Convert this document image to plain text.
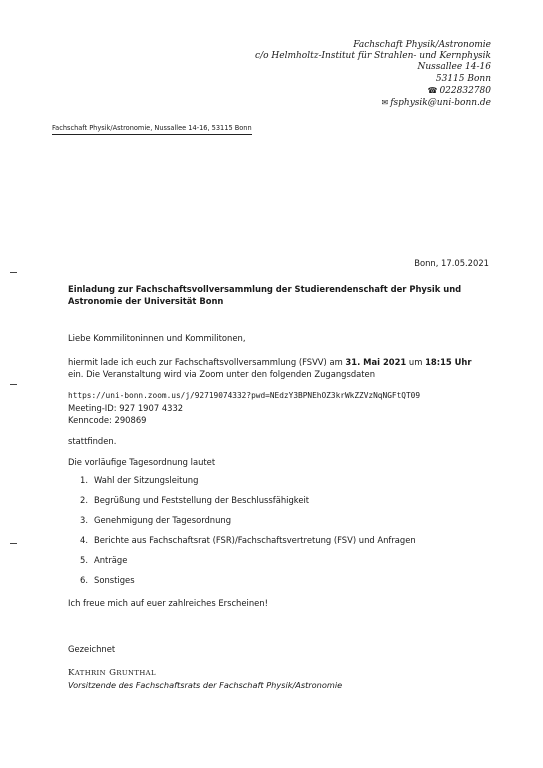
Fachschaft Physik/Astronomie
c/o Helmholtz-Institut für Strahlen- und Kernphysik
Nussallee 14-16
53115 Bonn
☎ 022832780
✉ fsphysik@uni-bonn.de
Fachschaft Physik/Astronomie, Nussallee 14-16, 53115 Bonn
Bonn, 17.05.2021
Einladung zur Fachschaftsvollversammlung der Studierendenschaft der Physik und Astronomie der Universität Bonn
Liebe Kommilitoninnen und Kommilitonen,
hiermit lade ich euch zur Fachschaftsvollversammlung (FSVV) am 31. Mai 2021 um 18:15 Uhr ein. Die Veranstaltung wird via Zoom unter den folgenden Zugangsdaten
https://uni-bonn.zoom.us/j/92719074332?pwd=NEdzY3BPNEhOZ3krWkZZVzNqNGFtQT09
Meeting-ID: 927 1907 4332
Kenncode: 290869
stattfinden.
Die vorläufige Tagesordnung lautet
1. Wahl der Sitzungsleitung
2. Begrüßung und Feststellung der Beschlussfähigkeit
3. Genehmigung der Tagesordnung
4. Berichte aus Fachschaftsrat (FSR)/Fachschaftsvertretung (FSV) und Anfragen
5. Anträge
6. Sonstiges
Ich freue mich auf euer zahlreiches Erscheinen!
Gezeichnet
KATHRIN GRUNTHAL
Vorsitzende des Fachschaftsrats der Fachschaft Physik/Astronomie
